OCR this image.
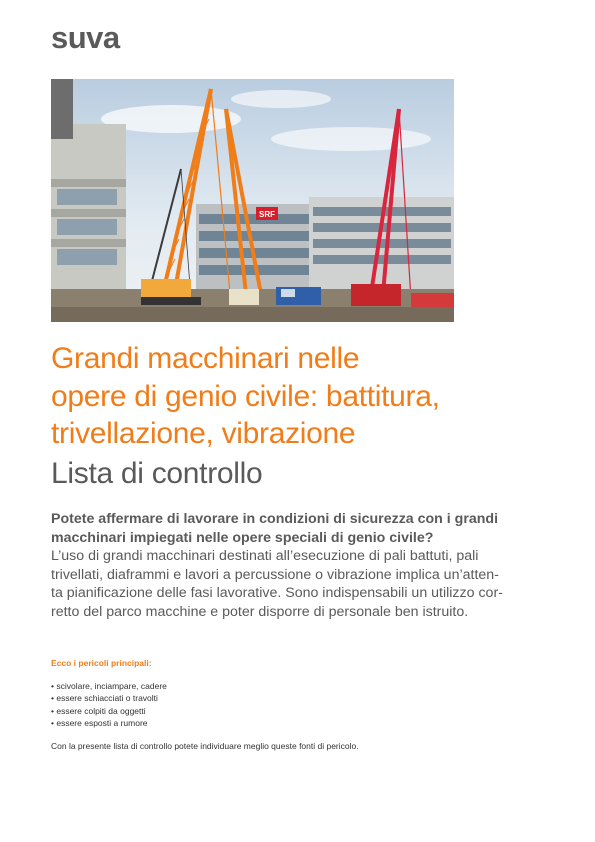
suva
SRF
Grandi macchinari nelle
opere di genio civile: battitura,
trivellazione, vibrazione
Lista di controllo

Potete affermare di lavorare in condizioni di sicurezza con i grandi macchinari impiegati nelle opere speciali di genio civile?
L’uso di grandi macchinari destinati all’esecuzione di pali battuti, pali
trivellati, diaframmi e lavori a percussione o vibrazione implica un’atten-
ta pianificazione delle fasi lavorative. Sono indispensabili un utilizzo cor-
retto del parco macchine e poter disporre di personale ben istruito.

Ecco i pericoli principali:
• scivolare, inciampare, cadere
• essere schiacciati o travolti
• essere colpiti da oggetti
• essere esposti a rumore
Con la presente lista di controllo potete individuare meglio queste fonti di pericolo.
